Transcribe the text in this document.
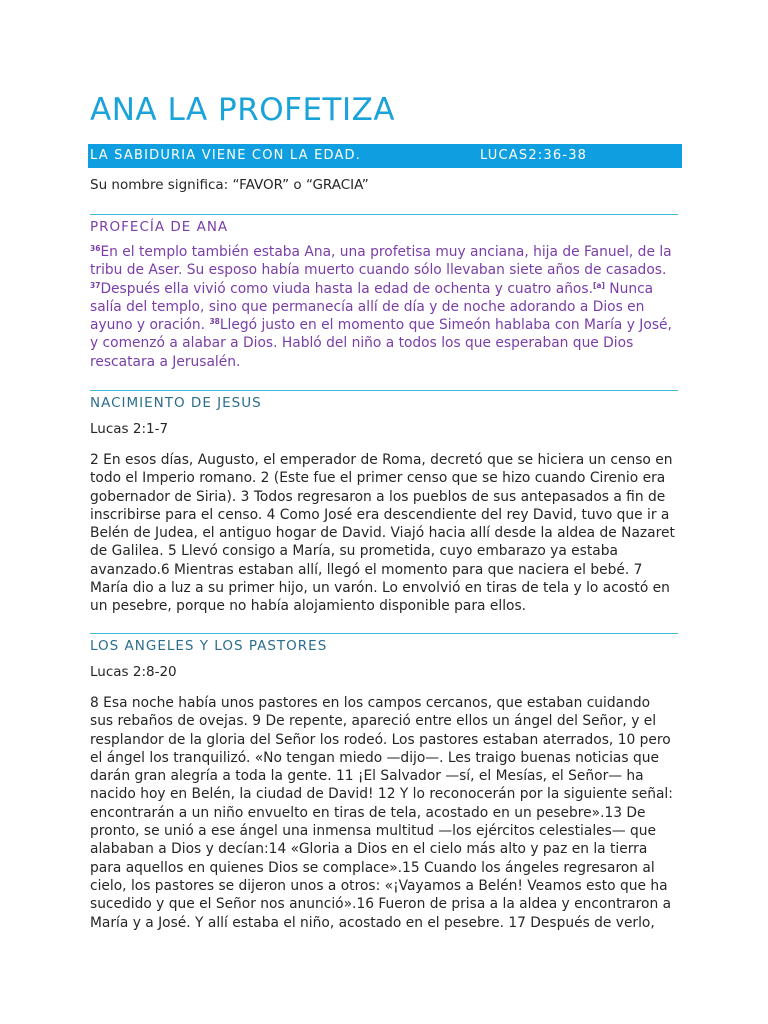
ANA LA PROFETIZA
LA SABIDURIA VIENE CON LA EDAD.	LUCAS2:36-38
Su nombre significa: “FAVOR” o “GRACIA”
PROFECÍA DE ANA
$^{36}$En el templo también estaba Ana, una profetisa muy anciana, hija de Fanuel, de la tribu de Aser. Su esposo había muerto cuando sólo llevaban siete años de casados.
$^{37}$Después ella vivió como viuda hasta la edad de ochenta y cuatro años.[a] Nunca salía del templo, sino que permanecía allí de día y de noche adorando a Dios en ayuno y oración. $^{38}$Llegó justo en el momento que Simeón hablaba con María y José, y comenzó a alabar a Dios. Habló del niño a todos los que esperaban que Dios rescatara a Jerusalén.
NACIMIENTO DE JESUS
Lucas 2:1-7
2 En esos días, Augusto, el emperador de Roma, decretó que se hiciera un censo en
todo el Imperio romano. 2 (Este fue el primer censo que se hizo cuando Cirenio era
gobernador de Siria). 3 Todos regresaron a los pueblos de sus antepasados a fin de
inscribirse para el censo. 4 Como José era descendiente del rey David, tuvo que ir a
Belén de Judea, el antiguo hogar de David. Viajó hacia allí desde la aldea de Nazaret
de Galilea. 5 Llevó consigo a María, su prometida, cuyo embarazo ya estaba
avanzado.6 Mientras estaban allí, llegó el momento para que naciera el bebé. 7
María dio a luz a su primer hijo, un varón. Lo envolvió en tiras de tela y lo acostó en
un pesebre, porque no había alojamiento disponible para ellos.
LOS ANGELES Y LOS PASTORES
Lucas 2:8-20
8 Esa noche había unos pastores en los campos cercanos, que estaban cuidando
sus rebaños de ovejas. 9 De repente, apareció entre ellos un ángel del Señor, y el
resplandor de la gloria del Señor los rodeó. Los pastores estaban aterrados, 10 pero
el ángel los tranquilizó. «No tengan miedo —dijo—. Les traigo buenas noticias que
darán gran alegría a toda la gente. 11 ¡El Salvador —sí, el Mesías, el Señor— ha
nacido hoy en Belén, la ciudad de David! 12 Y lo reconocerán por la siguiente señal:
encontrarán a un niño envuelto en tiras de tela, acostado en un pesebre».13 De
pronto, se unió a ese ángel una inmensa multitud —los ejércitos celestiales— que
alababan a Dios y decían:14 «Gloria a Dios en el cielo más alto y paz en la tierra
para aquellos en quienes Dios se complace».15 Cuando los ángeles regresaron al
cielo, los pastores se dijeron unos a otros: «¡Vayamos a Belén! Veamos esto que ha
sucedido y que el Señor nos anunció».16 Fueron de prisa a la aldea y encontraron a
María y a José. Y allí estaba el niño, acostado en el pesebre. 17 Después de verlo,
